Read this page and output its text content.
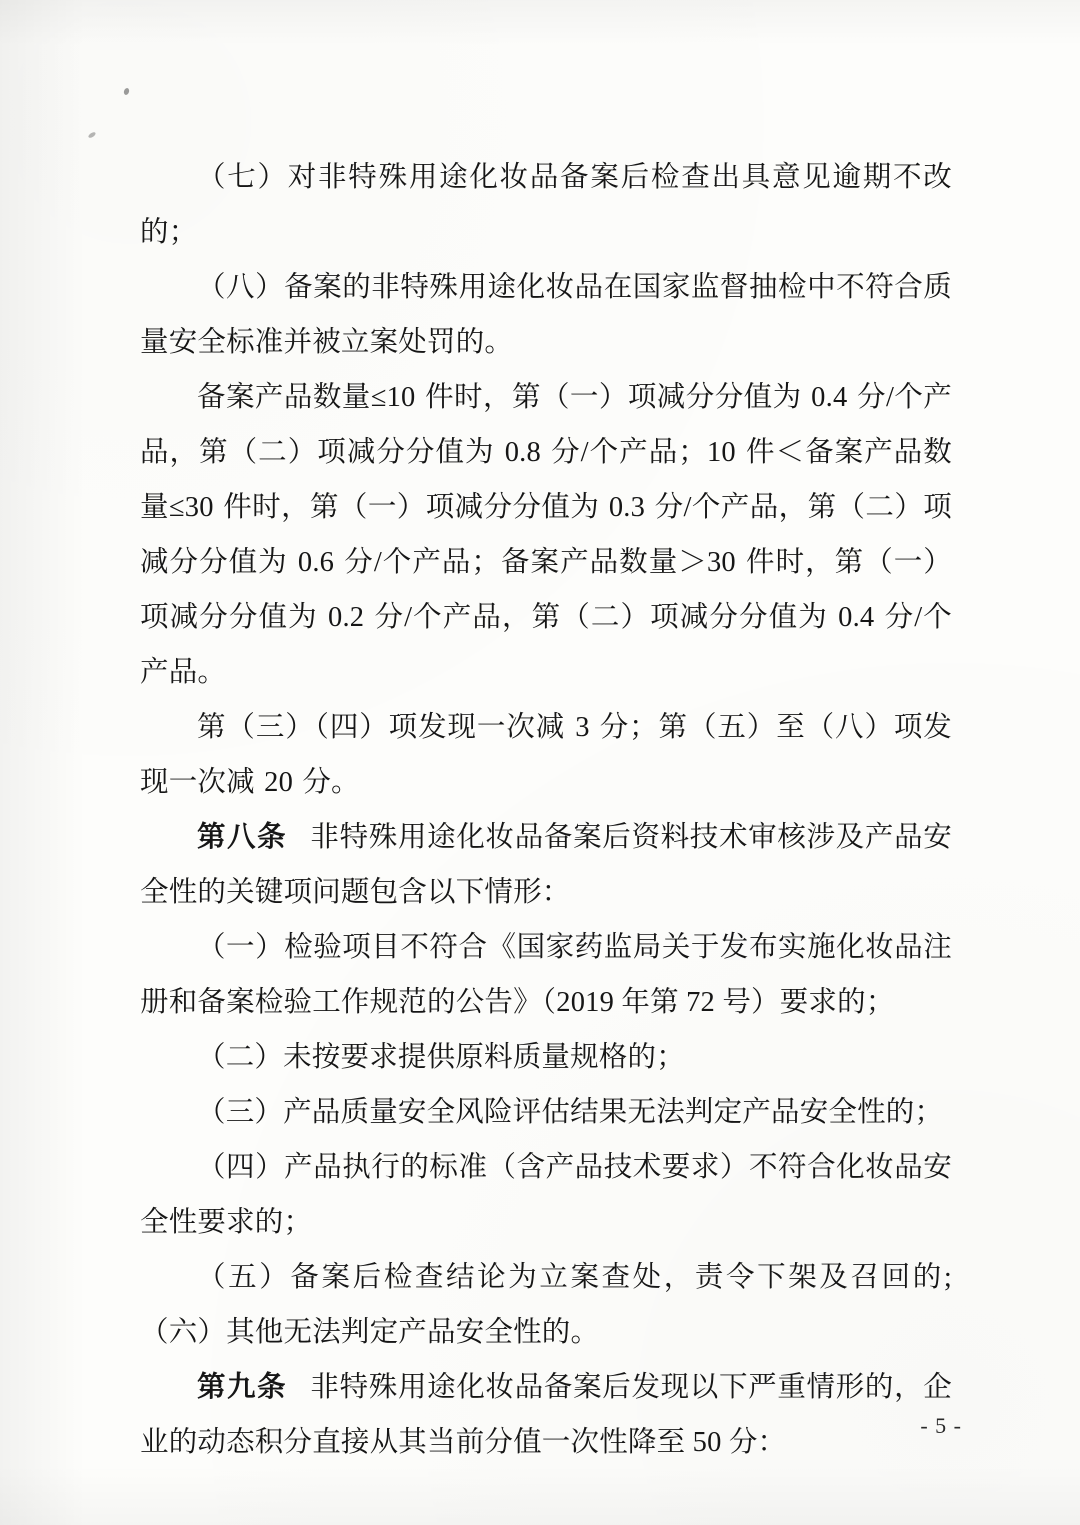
（七）对非特殊用途化妆品备案后检查出具意见逾期不改的；

（八）备案的非特殊用途化妆品在国家监督抽检中不符合质量安全标准并被立案处罚的。

备案产品数量≤10 件时，第（一）项减分分值为 0.4 分/个产品，第（二）项减分分值为 0.8 分/个产品；10 件＜备案产品数量≤30 件时，第（一）项减分分值为 0.3 分/个产品，第（二）项减分分值为 0.6 分/个产品；备案产品数量＞30 件时，第（一）项减分分值为 0.2 分/个产品，第（二）项减分分值为 0.4 分/个产品。

第（三）（四）项发现一次减 3 分；第（五）至（八）项发现一次减 20 分。

第八条 非特殊用途化妆品备案后资料技术审核涉及产品安全性的关键项问题包含以下情形：

（一）检验项目不符合《国家药监局关于发布实施化妆品注册和备案检验工作规范的公告》（2019 年第 72 号）要求的；

（二）未按要求提供原料质量规格的；

（三）产品质量安全风险评估结果无法判定产品安全性的；

（四）产品执行的标准（含产品技术要求）不符合化妆品安全性要求的；

（五）备案后检查结论为立案查处，责令下架及召回的;（六）其他无法判定产品安全性的。

第九条 非特殊用途化妆品备案后发现以下严重情形的，企业的动态积分直接从其当前分值一次性降至 50 分：

- 5 -
